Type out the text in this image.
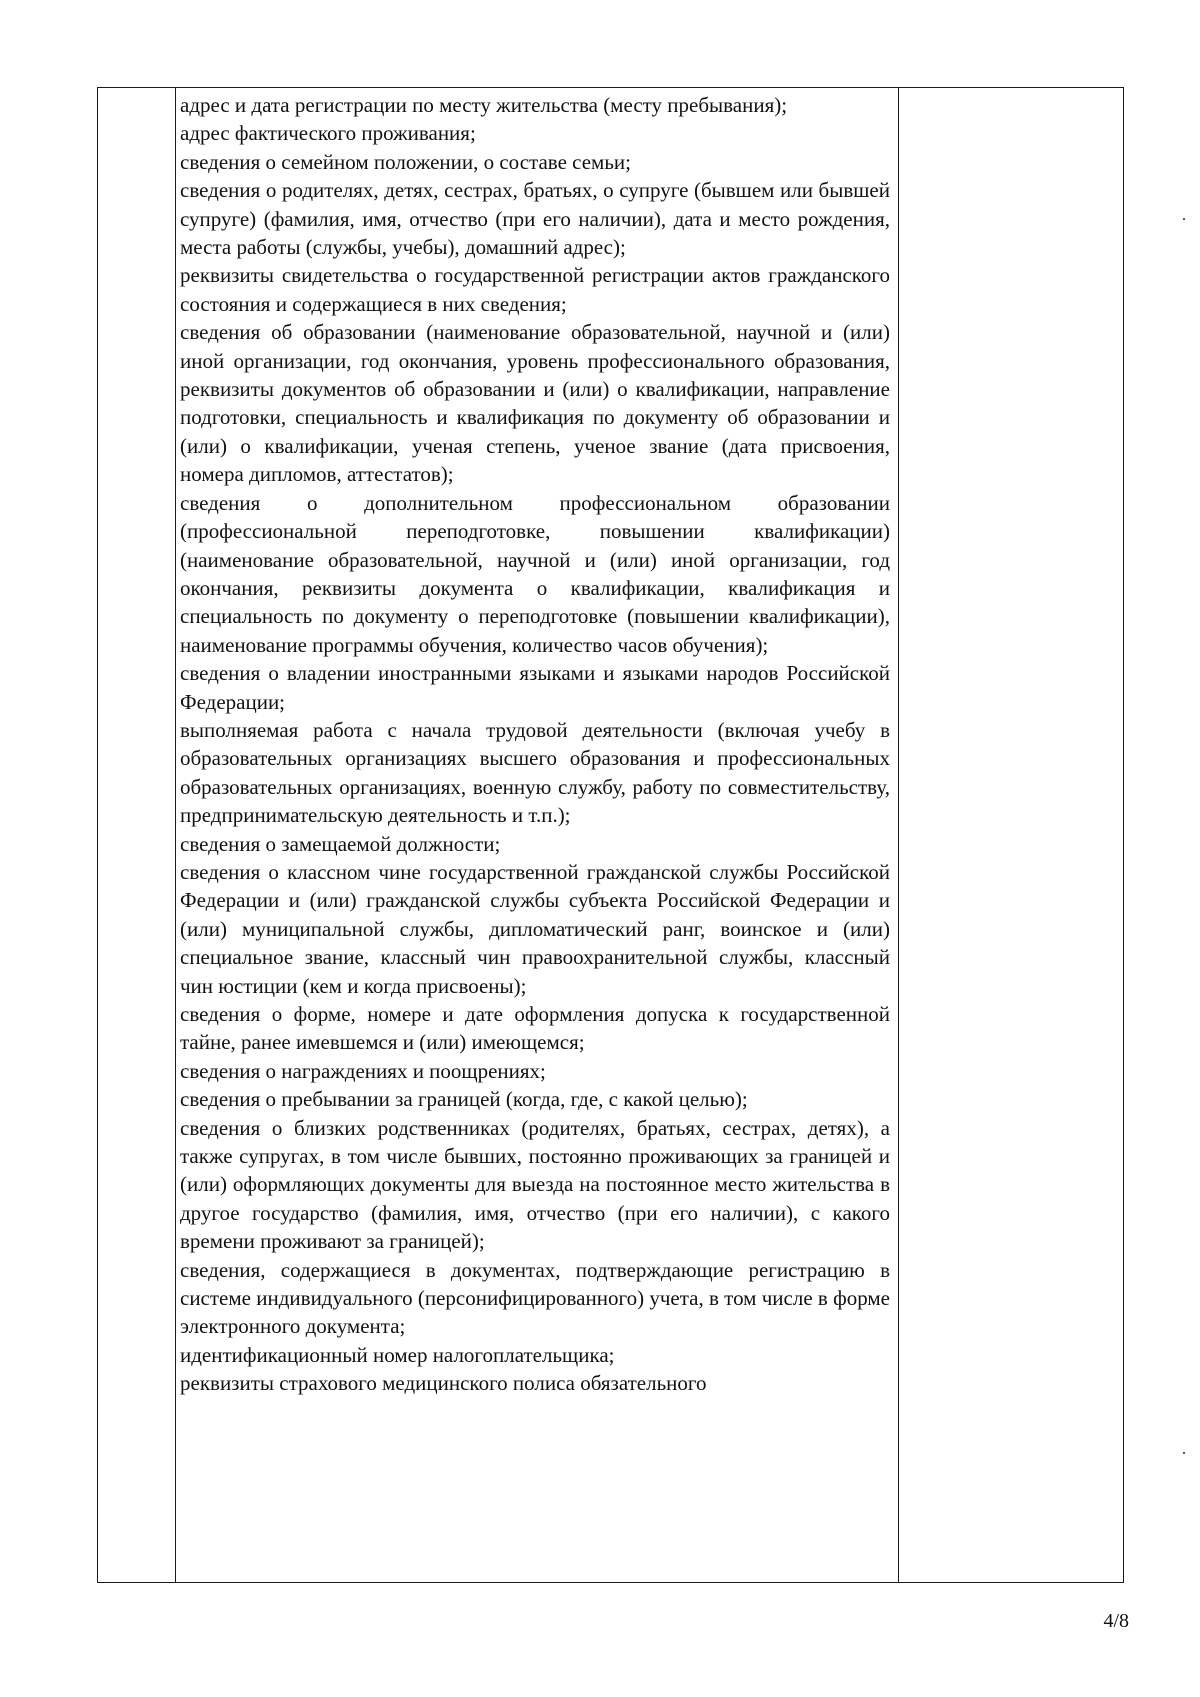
адрес и дата регистрации по месту жительства (месту пребывания);
адрес фактического проживания;
сведения о семейном положении, о составе семьи;
сведения о родителях, детях, сестрах, братьях, о супруге (бывшем или бывшей супруге) (фамилия, имя, отчество (при его наличии), дата и место рождения, места работы (службы, учебы), домашний адрес);
реквизиты свидетельства о государственной регистрации актов гражданского состояния и содержащиеся в них сведения;
сведения об образовании (наименование образовательной, научной и (или) иной организации, год окончания, уровень профессионального образования, реквизиты документов об образовании и (или) о квалификации, направление подготовки, специальность и квалификация по документу об образовании и (или) о квалификации, ученая степень, ученое звание (дата присвоения, номера дипломов, аттестатов);
сведения о дополнительном профессиональном образовании (профессиональной переподготовке, повышении квалификации) (наименование образовательной, научной и (или) иной организации, год окончания, реквизиты документа о квалификации, квалификация и специальность по документу о переподготовке (повышении квалификации), наименование программы обучения, количество часов обучения);
сведения о владении иностранными языками и языками народов Российской Федерации;
выполняемая работа с начала трудовой деятельности (включая учебу в образовательных организациях высшего образования и профессиональных образовательных организациях, военную службу, работу по совместительству, предпринимательскую деятельность и т.п.);
сведения о замещаемой должности;
сведения о классном чине государственной гражданской службы Российской Федерации и (или) гражданской службы субъекта Российской Федерации и (или) муниципальной службы, дипломатический ранг, воинское и (или) специальное звание, классный чин правоохранительной службы, классный чин юстиции (кем и когда присвоены);
сведения о форме, номере и дате оформления допуска к государственной тайне, ранее имевшемся и (или) имеющемся;
сведения о награждениях и поощрениях;
сведения о пребывании за границей (когда, где, с какой целью);
сведения о близких родственниках (родителях, братьях, сестрах, детях), а также супругах, в том числе бывших, постоянно проживающих за границей и (или) оформляющих документы для выезда на постоянное место жительства в другое государство (фамилия, имя, отчество (при его наличии), с какого времени проживают за границей);
сведения, содержащиеся в документах, подтверждающие регистрацию в системе индивидуального (персонифицированного) учета, в том числе в форме электронного документа;
идентификационный номер налогоплательщика;
реквизиты страхового медицинского полиса обязательного
4/8
